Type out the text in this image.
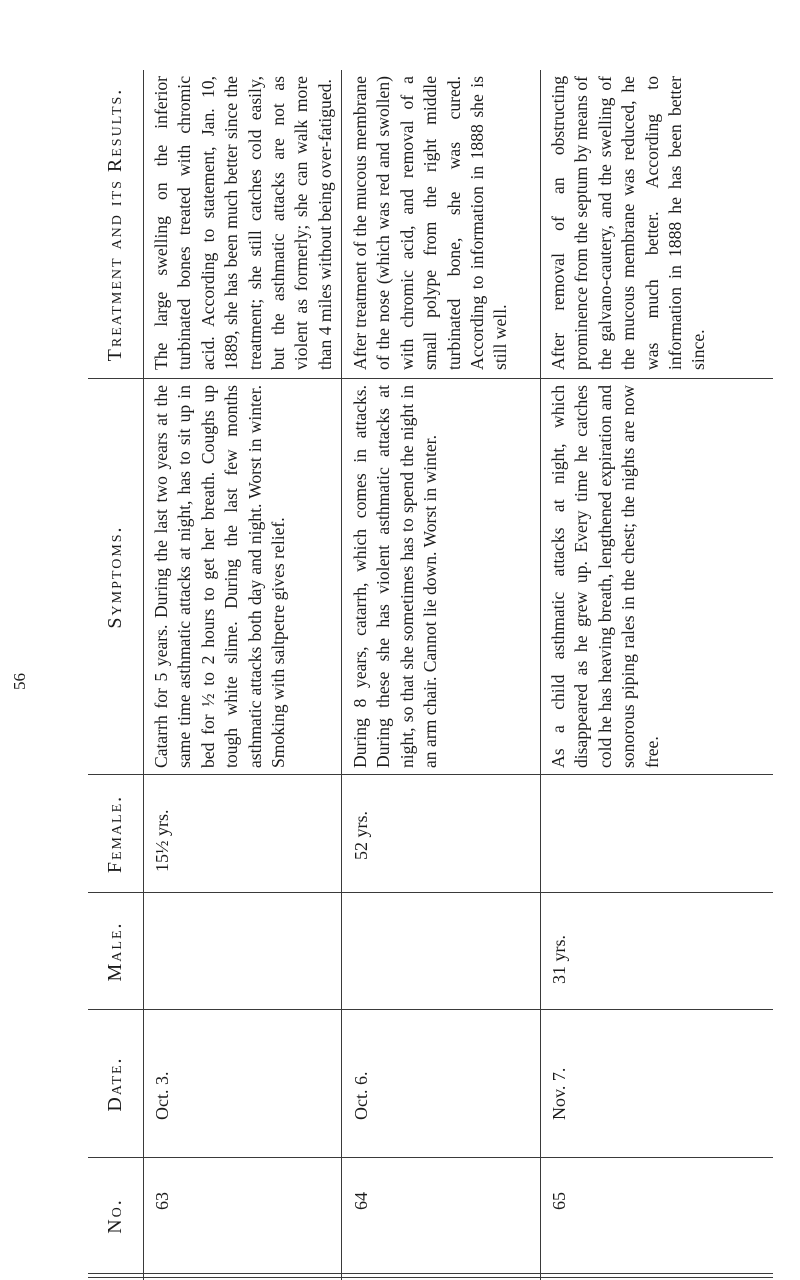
56
No.
Date.
Male.
Female.
Symptoms.
Treatment and its Results.
63
Oct. 3.
15½ yrs.
Catarrh for 5 years. During the last two years at the same time asthmatic attacks at night, has to sit up in bed for ½ to 2 hours to get her breath. Coughs up tough white slime. During the last few months asthmatic attacks both day and night. Worst in winter. Smoking with saltpetre gives relief.
The large swelling on the inferior turbinated bones treated with chromic acid. According to statement, Jan. 10, 1889, she has been much better since the treatment; she still catches cold easily, but the asthmatic attacks are not as violent as formerly; she can walk more than 4 miles without being over-fatigued.
64
Oct. 6.
52 yrs.
During 8 years, catarrh, which comes in attacks. During these she has violent asthmatic attacks at night, so that she sometimes has to spend the night in an arm chair. Cannot lie down. Worst in winter.
After treatment of the mucous membrane of the nose (which was red and swollen) with chromic acid, and removal of a small polype from the right middle turbinated bone, she was cured. According to information in 1888 she is still well.
65
Nov. 7.
31 yrs.
As a child asthmatic attacks at night, which disappeared as he grew up. Every time he catches cold he has heaving breath, lengthened expiration and sonorous piping rales in the chest; the nights are now free.
After removal of an obstructing prominence from the septum by means of the galvano-cautery, and the swelling of the mucous membrane was reduced, he was much better. According to information in 1888 he has been better since.
